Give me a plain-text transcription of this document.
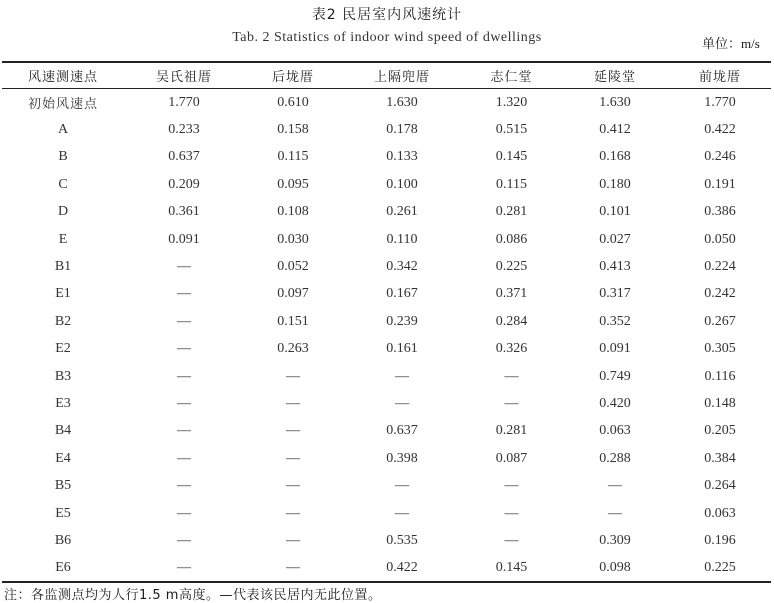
表2 民居室内风速统计
Tab. 2 Statistics of indoor wind speed of dwellings	单位：m/s
风速测速点	吴氏祖厝	后垅厝	上隔兜厝	志仁堂	延陵堂	前垅厝
初始风速点	1.770	0.610	1.630	1.320	1.630	1.770
A	0.233	0.158	0.178	0.515	0.412	0.422
B	0.637	0.115	0.133	0.145	0.168	0.246
C	0.209	0.095	0.100	0.115	0.180	0.191
D	0.361	0.108	0.261	0.281	0.101	0.386
E	0.091	0.030	0.110	0.086	0.027	0.050
B1	—	0.052	0.342	0.225	0.413	0.224
E1	—	0.097	0.167	0.371	0.317	0.242
B2	—	0.151	0.239	0.284	0.352	0.267
E2	—	0.263	0.161	0.326	0.091	0.305
B3	—	—	—	—	0.749	0.116
E3	—	—	—	—	0.420	0.148
B4	—	—	0.637	0.281	0.063	0.205
E4	—	—	0.398	0.087	0.288	0.384
B5	—	—	—	—	—	0.264
E5	—	—	—	—	—	0.063
B6	—	—	0.535	—	0.309	0.196
E6	—	—	0.422	0.145	0.098	0.225
注：各监测点均为人行1.5 m高度。—代表该民居内无此位置。
